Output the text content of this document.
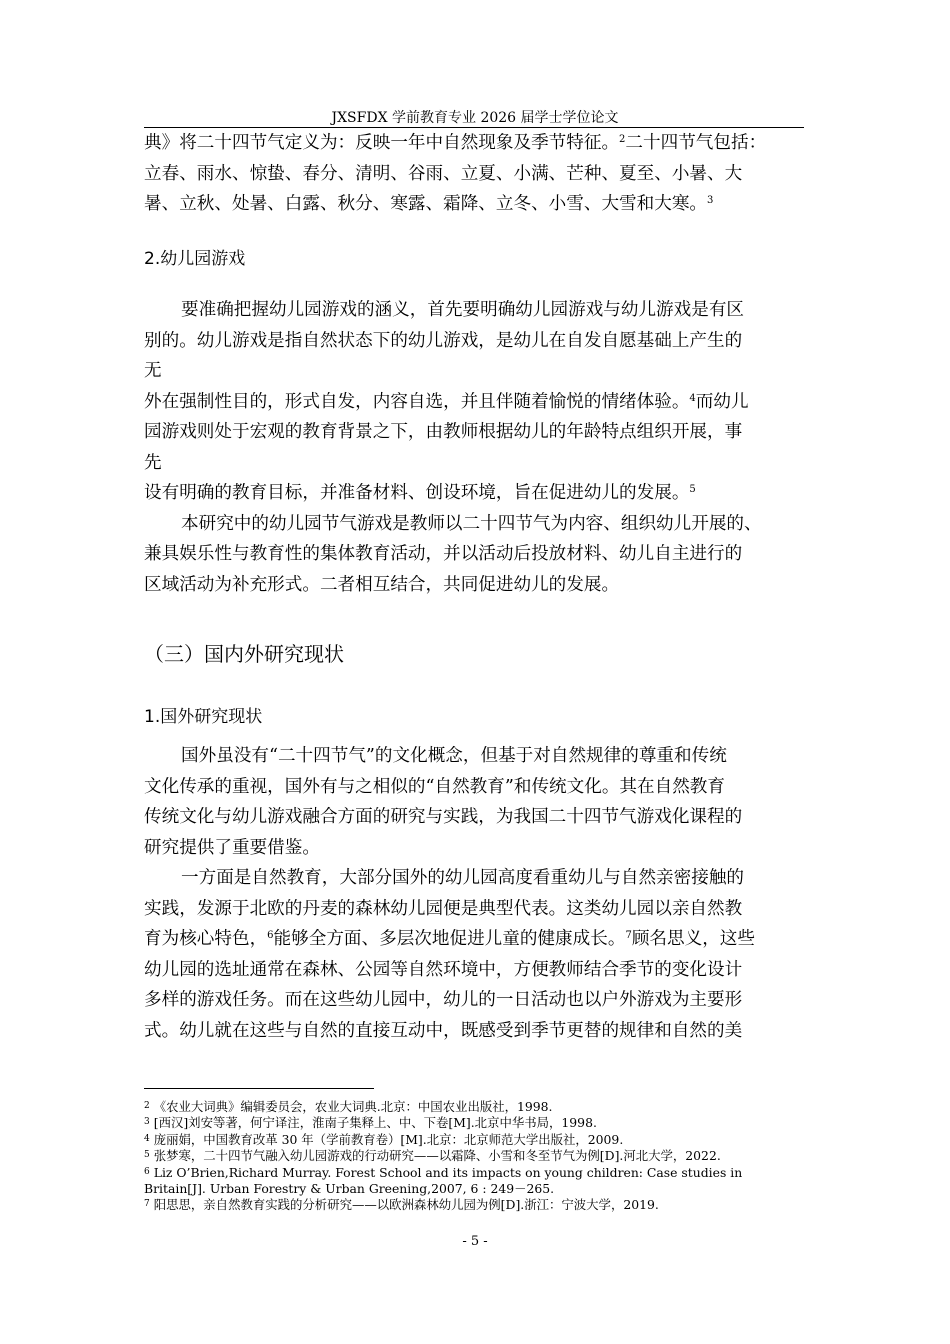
JXSFDX 学前教育专业 2026 届学士学位论文
典》将二十四节气定义为：反映一年中自然现象及季节特征。$^2$二十四节气包括：
立春、雨水、惊蛰、春分、清明、谷雨、立夏、小满、芒种、夏至、小暑、大
暑、立秋、处暑、白露、秋分、寒露、霜降、立冬、小雪、大雪和大寒。$^3$
2.幼儿园游戏
要准确把握幼儿园游戏的涵义，首先要明确幼儿园游戏与幼儿游戏是有区
别的。幼儿游戏是指自然状态下的幼儿游戏，是幼儿在自发自愿基础上产生的
无
外在强制性目的，形式自发，内容自选，并且伴随着愉悦的情绪体验。$^4$而幼儿
园游戏则处于宏观的教育背景之下，由教师根据幼儿的年龄特点组织开展，事
先
设有明确的教育目标，并准备材料、创设环境，旨在促进幼儿的发展。$^5$
本研究中的幼儿园节气游戏是教师以二十四节气为内容、组织幼儿开展的、
兼具娱乐性与教育性的集体教育活动，并以活动后投放材料、幼儿自主进行的
区域活动为补充形式。二者相互结合，共同促进幼儿的发展。
（三）国内外研究现状
1.国外研究现状
国外虽没有“二十四节气”的文化概念，但基于对自然规律的尊重和传统
文化传承的重视，国外有与之相似的“自然教育”和传统文化。其在自然教育
传统文化与幼儿游戏融合方面的研究与实践，为我国二十四节气游戏化课程的
研究提供了重要借鉴。
一方面是自然教育，大部分国外的幼儿园高度看重幼儿与自然亲密接触的
实践，发源于北欧的丹麦的森林幼儿园便是典型代表。这类幼儿园以亲自然教
育为核心特色，$^6$能够全方面、多层次地促进儿童的健康成长。$^7$顾名思义，这些
幼儿园的选址通常在森林、公园等自然环境中，方便教师结合季节的变化设计
多样的游戏任务。而在这些幼儿园中，幼儿的一日活动也以户外游戏为主要形
式。幼儿就在这些与自然的直接互动中，既感受到季节更替的规律和自然的美
$^2$ 《农业大词典》编辑委员会，农业大词典.北京：中国农业出版社，1998.
$^3$ [西汉]刘安等著，何宁译注，淮南子集释上、中、下卷[M].北京中华书局，1998.
$^4$ 庞丽娟，中国教育改革 30 年（学前教育卷）[M].北京：北京师范大学出版社，2009.
$^5$ 张梦寒，二十四节气融入幼儿园游戏的行动研究——以霜降、小雪和冬至节气为例[D].河北大学，2022.
$^6$ Liz O’Brien,Richard Murray. Forest School and its impacts on young children: Case studies in
Britain[J]. Urban Forestry & Urban Greening,2007, 6 : 249－265.
$^7$ 阳思思，亲自然教育实践的分析研究——以欧洲森林幼儿园为例[D].浙江：宁波大学，2019.
- 5 -
